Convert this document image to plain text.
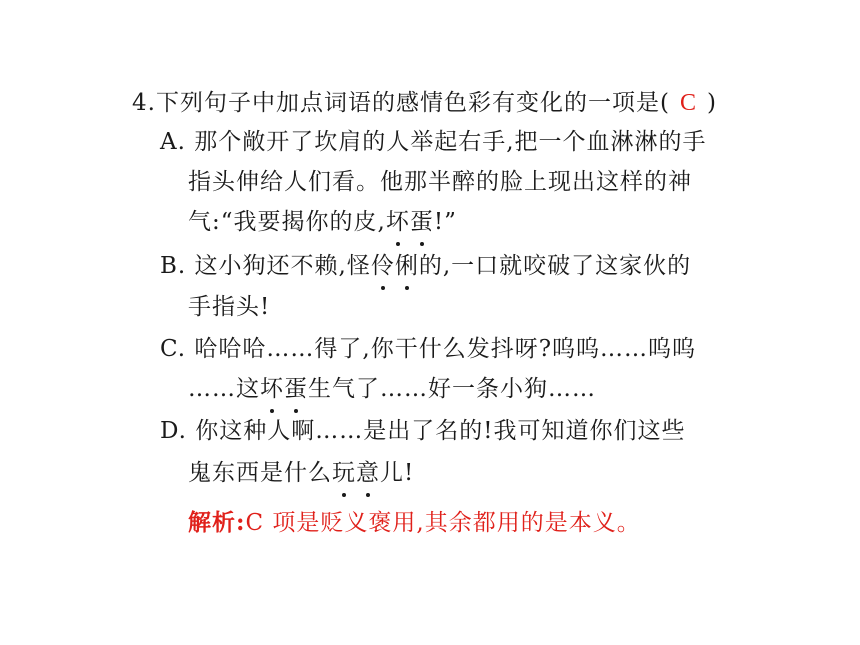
4.下列句子中加点词语的感情色彩有变化的一项是( C )
A. 那个敞开了坎肩的人举起右手,把一个血淋淋的手
指头伸给人们看。他那半醉的脸上现出这样的神
气:“我要揭你的皮,坏蛋!”
B. 这小狗还不赖,怪伶俐的,一口就咬破了这家伙的
手指头!
C. 哈哈哈……得了,你干什么发抖呀?呜呜……呜呜
……这坏蛋生气了……好一条小狗……
D. 你这种人啊……是出了名的!我可知道你们这些
鬼东西是什么玩意儿!
解析:C 项是贬义褒用,其余都用的是本义。
